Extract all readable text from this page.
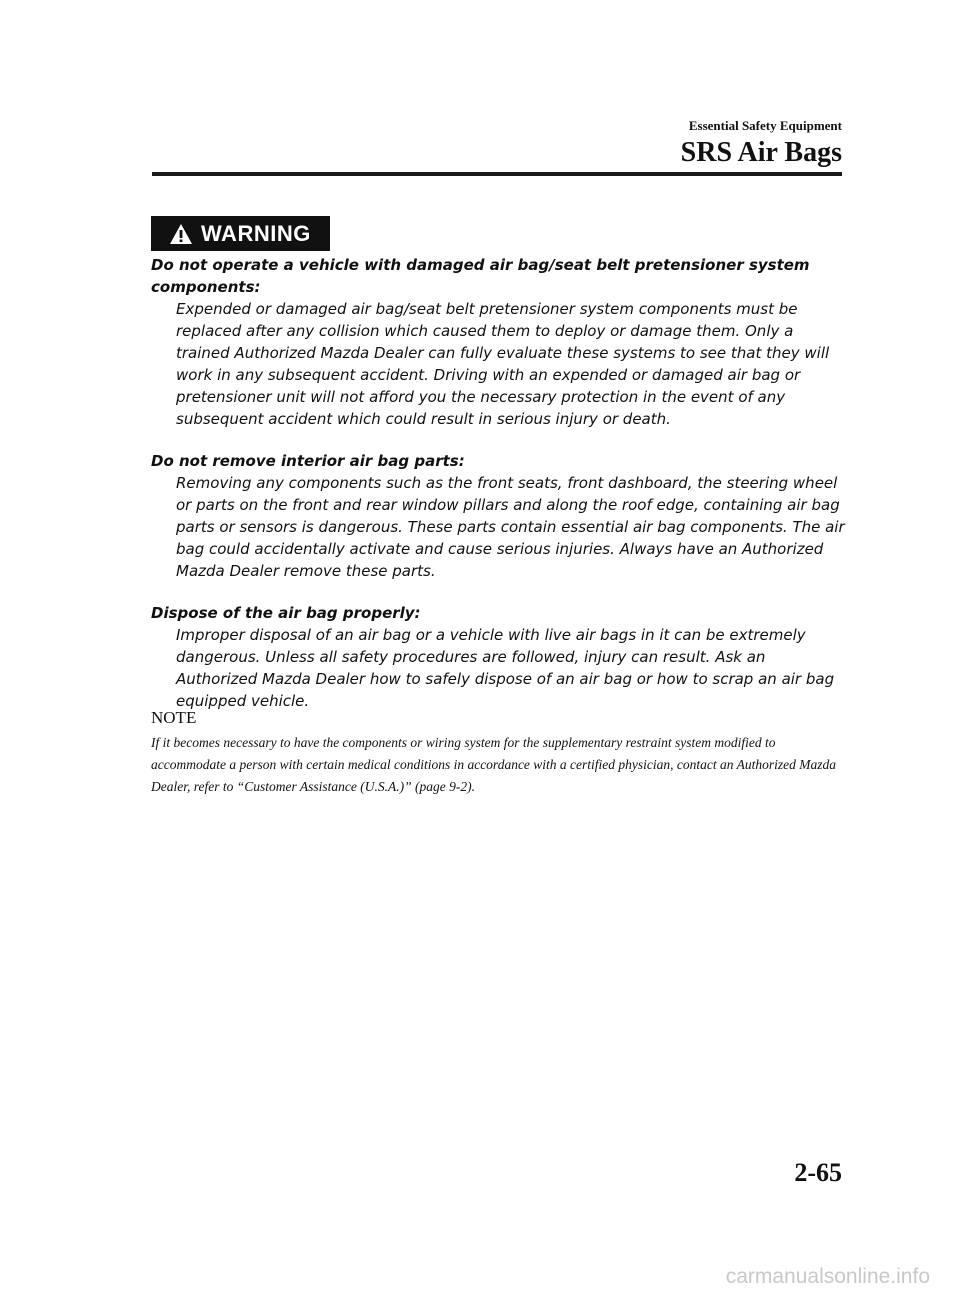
Essential Safety Equipment
SRS Air Bags
WARNING
Do not operate a vehicle with damaged air bag/seat belt pretensioner system components:
Expended or damaged air bag/seat belt pretensioner system components must be replaced after any collision which caused them to deploy or damage them. Only a trained Authorized Mazda Dealer can fully evaluate these systems to see that they will work in any subsequent accident. Driving with an expended or damaged air bag or pretensioner unit will not afford you the necessary protection in the event of any subsequent accident which could result in serious injury or death.
Do not remove interior air bag parts:
Removing any components such as the front seats, front dashboard, the steering wheel or parts on the front and rear window pillars and along the roof edge, containing air bag parts or sensors is dangerous. These parts contain essential air bag components. The air bag could accidentally activate and cause serious injuries. Always have an Authorized Mazda Dealer remove these parts.
Dispose of the air bag properly:
Improper disposal of an air bag or a vehicle with live air bags in it can be extremely dangerous. Unless all safety procedures are followed, injury can result. Ask an Authorized Mazda Dealer how to safely dispose of an air bag or how to scrap an air bag equipped vehicle.
NOTE
If it becomes necessary to have the components or wiring system for the supplementary restraint system modified to accommodate a person with certain medical conditions in accordance with a certified physician, contact an Authorized Mazda Dealer, refer to “Customer Assistance (U.S.A.)” (page 9-2).
2-65
carmanualsonline.info
